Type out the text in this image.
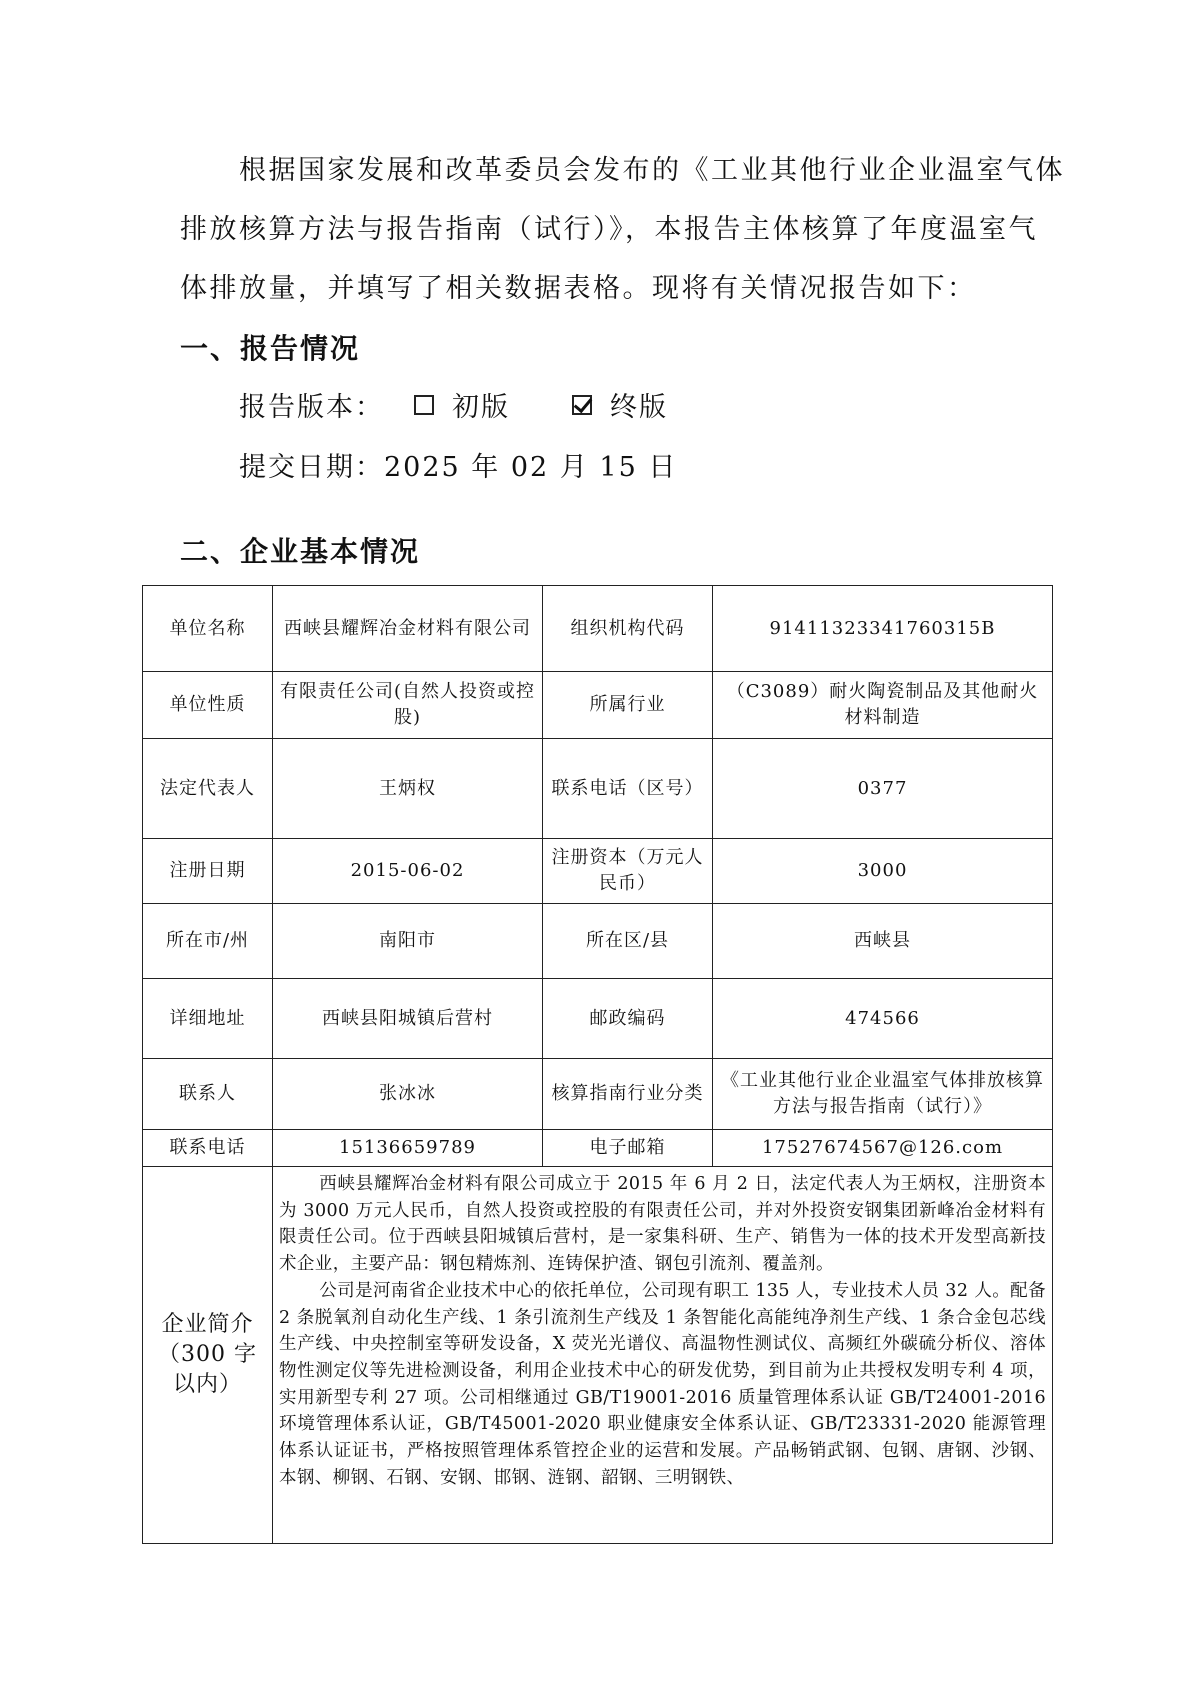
根据国家发展和改革委员会发布的《工业其他行业企业温室气体
排放核算方法与报告指南（试行）》，本报告主体核算了年度温室气
体排放量，并填写了相关数据表格。现将有关情况报告如下：
一、报告情况
报告版本：	初版	终版
提交日期：2025 年 02 月 15 日
二、企业基本情况
单位名称	西峡县耀辉冶金材料有限公司	组织机构代码	91411323341760315B
单位性质	有限责任公司(自然人投资或控股)	所属行业	（C3089）耐火陶瓷制品及其他耐火材料制造
法定代表人	王炳权	联系电话（区号）	0377
注册日期	2015-06-02	注册资本（万元人民币）	3000
所在市/州	南阳市	所在区/县	西峡县
详细地址	西峡县阳城镇后营村	邮政编码	474566
联系人	张冰冰	核算指南行业分类	《工业其他行业企业温室气体排放核算方法与报告指南（试行）》
联系电话	15136659789	电子邮箱	17527674567@126.com
企业简介（300 字以内）	西峡县耀辉冶金材料有限公司成立于 2015 年 6 月 2 日，法定代表人为王炳权，注册资本为 3000 万元人民币，自然人投资或控股的有限责任公司，并对外投资安钢集团新峰冶金材料有限责任公司。位于西峡县阳城镇后营村，是一家集科研、生产、销售为一体的技术开发型高新技术企业，主要产品：钢包精炼剂、连铸保护渣、钢包引流剂、覆盖剂。

公司是河南省企业技术中心的依托单位，公司现有职工 135 人，专业技术人员 32 人。配备 2 条脱氧剂自动化生产线、1 条引流剂生产线及 1 条智能化高能纯净剂生产线、1 条合金包芯线生产线、中央控制室等研发设备，X 荧光光谱仪、高温物性测试仪、高频红外碳硫分析仪、溶体物性测定仪等先进检测设备，利用企业技术中心的研发优势，到目前为止共授权发明专利 4 项，实用新型专利 27 项。公司相继通过 GB/T19001-2016 质量管理体系认证 GB/T24001-2016 环境管理体系认证，GB/T45001-2020 职业健康安全体系认证、GB/T23331-2020 能源管理体系认证证书，严格按照管理体系管控企业的运营和发展。产品畅销武钢、包钢、唐钢、沙钢、本钢、柳钢、石钢、安钢、邯钢、涟钢、韶钢、三明钢铁、		
